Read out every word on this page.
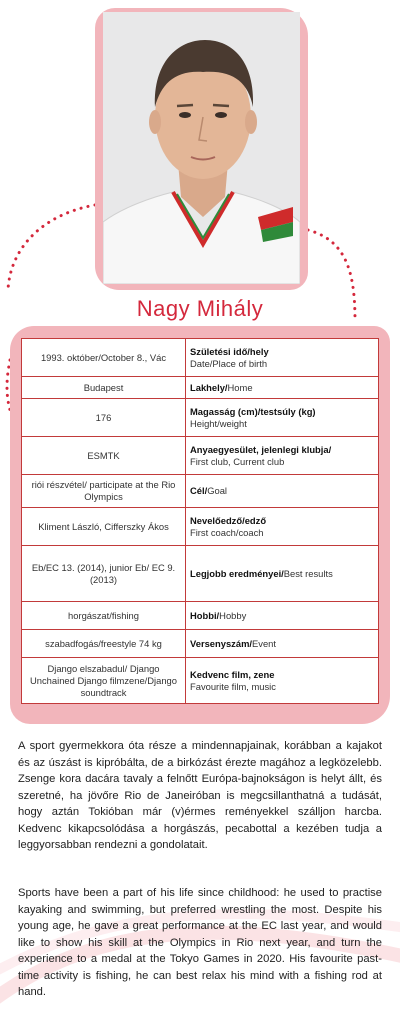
Nagy Mihály
1993. október/October 8., Vác	Születési idő/hely
Date/Place of birth
Budapest	Lakhely/Home
176	Magasság (cm)/testsúly (kg)
Height/weight
ESMTK	Anyaegyesület, jelenlegi klubja/
First club, Current club
riói részvétel/ participate at the Rio Olympics	Cél/Goal
Kliment László, Cifferszky Ákos	Nevelőedző/edző
First coach/coach
Eb/EC 13. (2014), junior Eb/ EC 9. (2013)	Legjobb eredményei/Best results
horgászat/fishing	Hobbi/Hobby
szabadfogás/freestyle 74 kg	Versenyszám/Event
Django elszabadul/ Django Unchained Django filmzene/Django soundtrack	Kedvenc film, zene
Favourite film, music
A sport gyermekkora óta része a mindennapjainak, korábban a kajakot és az úszást is kipróbálta, de a birkózást érezte magához a legközelebb. Zsenge kora dacára tavaly a felnőtt Európa-bajnokságon is helyt állt, és szeretné, ha jövőre Rio de Janeiróban is megcsillanthatná a tudását, hogy aztán Tokióban már (v)érmes reményekkel szálljon harcba. Kedvenc kikapcsolódása a horgászás, pecabottal a kezében tudja a leggyorsabban rendezni a gondolatait.
Sports have been a part of his life since childhood: he used to practise kayaking and swimming, but preferred wrestling the most. Despite his young age, he gave a great performance at the EC last year, and would like to show his skill at the Olympics in Rio next year, and turn the experience to a medal at the Tokyo Games in 2020. His favourite past-time activity is fishing, he can best relax his mind with a fishing rod at hand.
